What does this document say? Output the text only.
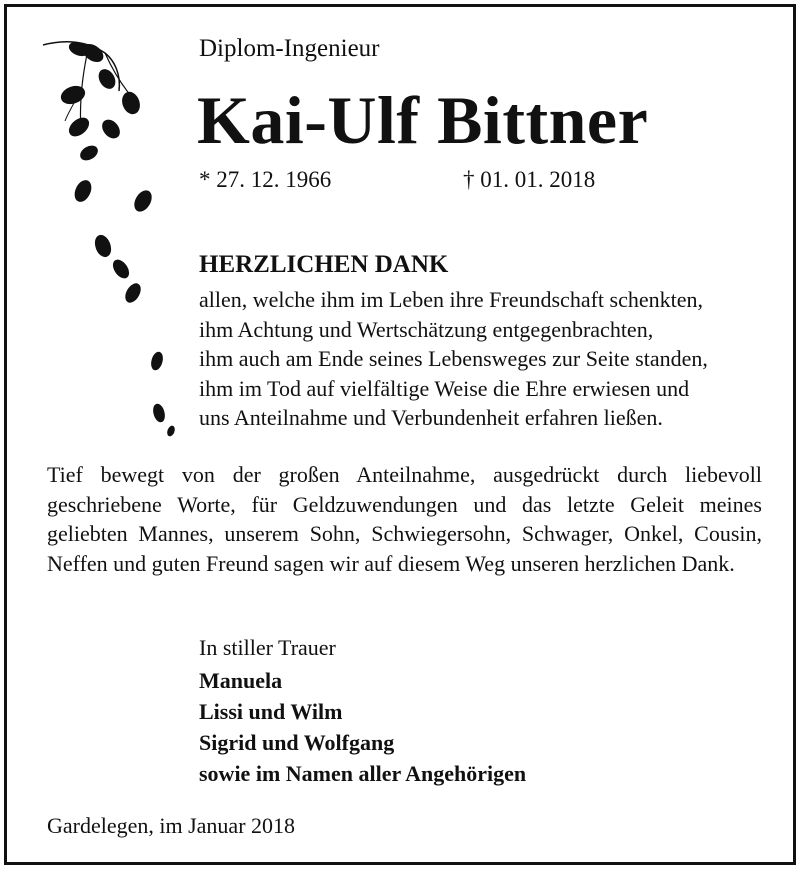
Diplom-Ingenieur
Kai-Ulf Bittner
* 27. 12. 1966	† 01. 01. 2018
HERZLICHEN DANK
allen, welche ihm im Leben ihre Freundschaft schenkten,
ihm Achtung und Wertschätzung entgegenbrachten,
ihm auch am Ende seines Lebensweges zur Seite standen,
ihm im Tod auf vielfältige Weise die Ehre erwiesen und
uns Anteilnahme und Verbundenheit erfahren ließen.
Tief bewegt von der großen Anteilnahme, ausgedrückt durch liebevoll geschriebene Worte, für Geldzuwendungen und das letzte Geleit meines geliebten Mannes, unserem Sohn, Schwiegersohn, Schwager, Onkel, Cousin, Neffen und guten Freund sagen wir auf diesem Weg unseren herzlichen Dank.
In stiller Trauer
Manuela
Lissi und Wilm
Sigrid und Wolfgang
sowie im Namen aller Angehörigen
Gardelegen, im Januar 2018
